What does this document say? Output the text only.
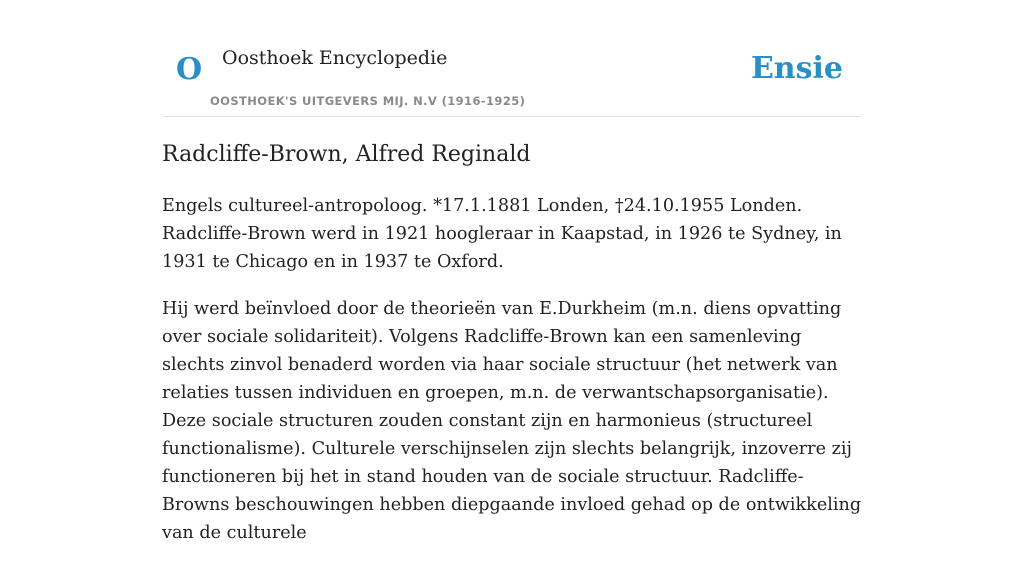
O Oosthoek Encyclopedie
OOSTHOEK'S UITGEVERS MIJ. N.V (1916-1925)
Ensie
Radcliffe-Brown, Alfred Reginald

Engels cultureel-antropoloog. *17.1.1881 Londen, †24.10.1955 Londen. Radcliffe-Brown werd in 1921 hoogleraar in Kaapstad, in 1926 te Sydney, in 1931 te Chicago en in 1937 te Oxford.

Hij werd beïnvloed door de theorieën van E.Durkheim (m.n. diens opvatting over sociale solidariteit). Volgens Radcliffe-Brown kan een samenleving slechts zinvol benaderd worden via haar sociale structuur (het netwerk van relaties tussen individuen en groepen, m.n. de verwantschapsorganisatie). Deze sociale structuren zouden constant zijn en harmonieus (structureel functionalisme). Culturele verschijnselen zijn slechts belangrijk, inzoverre zij functioneren bij het in stand houden van de sociale structuur. Radcliffe-Browns beschouwingen hebben diepgaande invloed gehad op de ontwikkeling van de culturele
